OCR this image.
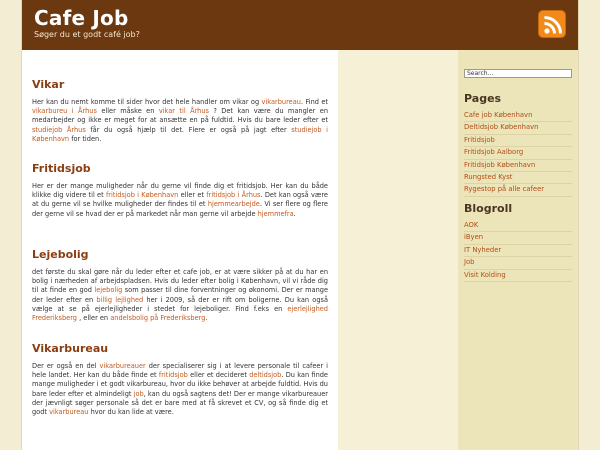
Cafe Job
Søger du et godt café job?
Vikar

Her kan du nemt komme til sider hvor det hele handler om vikar og vikarbureau. Find et vikarbureu i Århus eller måske en vikar til Århus ? Det kan være du mangler en medarbejder og ikke er meget for at ansætte en på fuldtid. Hvis du bare leder efter et studiejob Århus får du også hjælp til det. Flere er også på jagt efter studiejob i København for tiden.

Fritidsjob

Her er der mange muligheder når du gerne vil finde dig et fritidsjob. Her kan du både klikke dig videre til et fritidsjob i København eller et fritidsjob i Århus. Det kan også være at du gerne vil se hvilke muligheder der findes til et hjemmearbejde. Vi ser flere og flere der gerne vil se hvad der er på markedet når man gerne vil arbejde hjemmefra.

Lejebolig

det første du skal gøre når du leder efter et cafe job, er at være sikker på at du har en bolig i nærheden af arbejdspladsen. Hvis du leder efter bolig i København, vil vi råde dig til at finde en god lejebolig som passer til dine forventninger og økonomi. Der er mange der leder efter en billig lejlighed her i 2009, så der er rift om boligerne. Du kan også vælge at se på ejerlejligheder i stedet for lejeboliger. Find f.eks en ejerlejlighed Frederiksberg , eller en andelsbolig på Frederiksberg.

Vikarbureau

Der er også en del vikarbureauer der specialiserer sig i at levere personale til cafeer i hele landet. Her kan du både finde et fritidsjob eller et decideret deltidsjob. Du kan finde mange muligheder i et godt vikarbureau, hvor du ikke behøver at arbejde fuldtid. Hvis du bare leder efter et almindeligt job, kan du også sagtens det! Der er mange vikarbureauer der jævnligt søger personale så det er bare med at få skrevet et CV, og så finde dig et godt vikarbureau hvor du kan lide at være.

Search...
Pages
Cafe job København
Deltidsjob København
Fritidsjob
Fritidsjob Aalborg
Fritidsjob København
Rungsted Kyst
Rygestop på alle cafeer
Blogroll
AOK
iByen
IT Nyheder
Job
Visit Kolding
